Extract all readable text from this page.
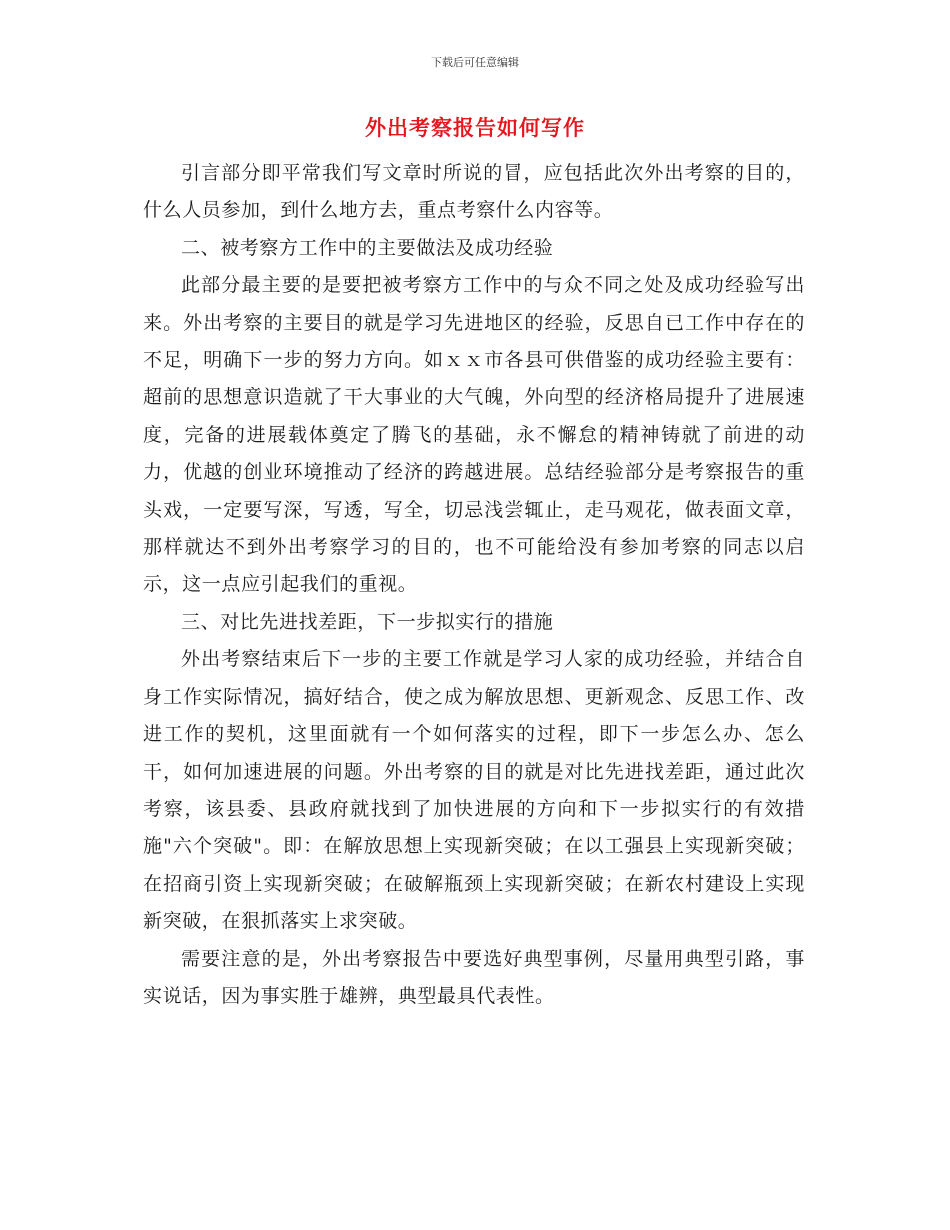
下载后可任意编辑
外出考察报告如何写作

引言部分即平常我们写文章时所说的冒，应包括此次外出考察的目的，什么人员参加，到什么地方去，重点考察什么内容等。

二、被考察方工作中的主要做法及成功经验

此部分最主要的是要把被考察方工作中的与众不同之处及成功经验写出来。外出考察的主要目的就是学习先进地区的经验，反思自已工作中存在的不足，明确下一步的努力方向。如ｘｘ市各县可供借鉴的成功经验主要有：超前的思想意识造就了干大事业的大气魄，外向型的经济格局提升了进展速度，完备的进展载体奠定了腾飞的基础，永不懈怠的精神铸就了前进的动力，优越的创业环境推动了经济的跨越进展。总结经验部分是考察报告的重头戏，一定要写深，写透，写全，切忌浅尝辄止，走马观花，做表面文章，那样就达不到外出考察学习的目的，也不可能给没有参加考察的同志以启示，这一点应引起我们的重视。

三、对比先进找差距，下一步拟实行的措施

外出考察结束后下一步的主要工作就是学习人家的成功经验，并结合自身工作实际情况，搞好结合，使之成为解放思想、更新观念、反思工作、改进工作的契机，这里面就有一个如何落实的过程，即下一步怎么办、怎么干，如何加速进展的问题。外出考察的目的就是对比先进找差距，通过此次考察，该县委、县政府就找到了加快进展的方向和下一步拟实行的有效措施"六个突破"。即：在解放思想上实现新突破；在以工强县上实现新突破；在招商引资上实现新突破；在破解瓶颈上实现新突破；在新农村建设上实现新突破，在狠抓落实上求突破。

需要注意的是，外出考察报告中要选好典型事例，尽量用典型引路，事实说话，因为事实胜于雄辨，典型最具代表性。
